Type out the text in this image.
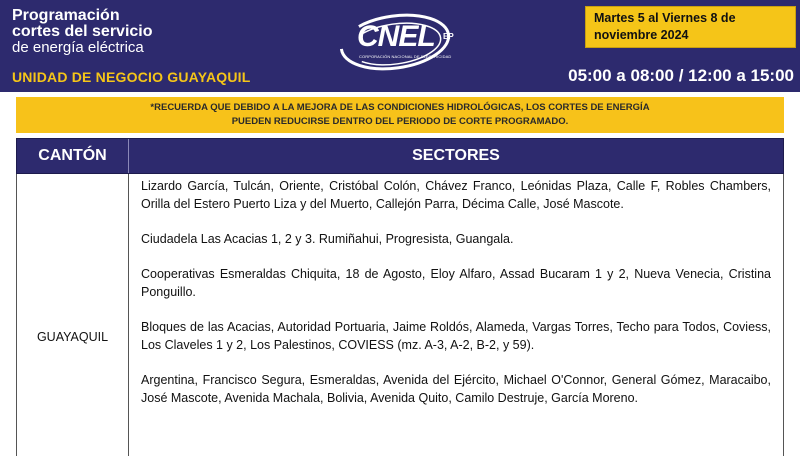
Programación
cortes del servicio
de energía eléctrica
UNIDAD DE NEGOCIO GUAYAQUIL
CNEL EP
CORPORACIÓN NACIONAL DE ELECTRICIDAD
Martes 5 al Viernes 8 de noviembre 2024
05:00 a 08:00 / 12:00 a 15:00
*RECUERDA QUE DEBIDO A LA MEJORA DE LAS CONDICIONES HIDROLÓGICAS, LOS CORTES DE ENERGÍA
PUEDEN REDUCIRSE DENTRO DEL PERIODO DE CORTE PROGRAMADO.
CANTÓN	SECTORES
GUAYAQUIL

Lizardo García, Tulcán, Oriente, Cristóbal Colón, Chávez Franco, Leónidas Plaza, Calle F, Robles Chambers, Orilla del Estero Puerto Liza y del Muerto, Callejón Parra, Décima Calle, José Mascote.

Ciudadela Las Acacias 1, 2 y 3. Rumiñahui, Progresista, Guangala.

Cooperativas Esmeraldas Chiquita, 18 de Agosto, Eloy Alfaro, Assad Bucaram 1 y 2, Nueva Venecia, Cristina Ponguillo.

Bloques de las Acacias, Autoridad Portuaria, Jaime Roldós, Alameda, Vargas Torres, Techo para Todos, Coviess, Los Claveles 1 y 2, Los Palestinos, COVIESS (mz. A-3, A-2, B-2, y 59).

Argentina, Francisco Segura, Esmeraldas, Avenida del Ejército, Michael O'Connor, General Gómez, Maracaibo, José Mascote, Avenida Machala, Bolivia, Avenida Quito, Camilo Destruje, García Moreno.
